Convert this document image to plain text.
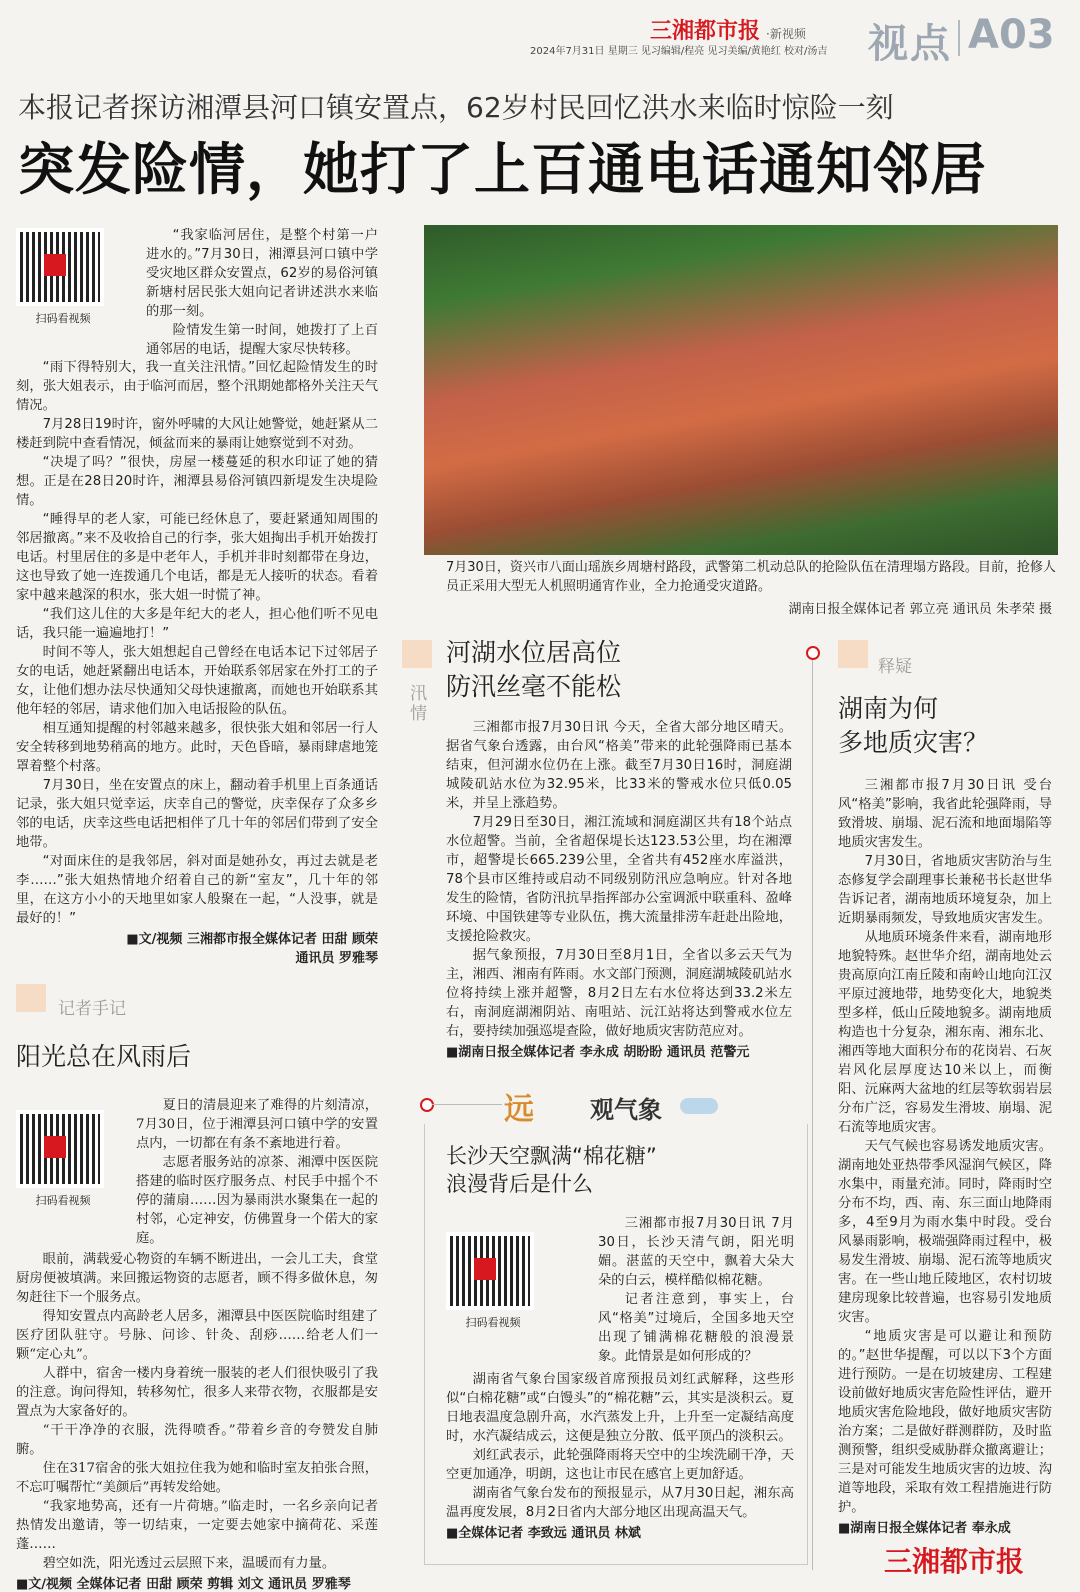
三湘都市报 ·新视频
2024年7月31日 星期三 见习编辑/程亮 见习美编/黄艳红 校对/汤吉 视点 A03
本报记者探访湘潭县河口镇安置点，62岁村民回忆洪水来临时惊险一刻
突发险情，她打了上百通电话通知邻居
扫码看视频

“我家临河居住，是整个村第一户进水的。”7月30日，湘潭县河口镇中学受灾地区群众安置点，62岁的易俗河镇新塘村居民张大姐向记者讲述洪水来临的那一刻。

险情发生第一时间，她拨打了上百通邻居的电话，提醒大家尽快转移。

“雨下得特别大，我一直关注汛情。”回忆起险情发生的时刻，张大姐表示，由于临河而居，整个汛期她都格外关注天气情况。

7月28日19时许，窗外呼啸的大风让她警觉，她赶紧从二楼赶到院中查看情况，倾盆而来的暴雨让她察觉到不对劲。

“决堤了吗？”很快，房屋一楼蔓延的积水印证了她的猜想。正是在28日20时许，湘潭县易俗河镇四新堤发生决堤险情。

“睡得早的老人家，可能已经休息了，要赶紧通知周围的邻居撤离。”来不及收拾自己的行李，张大姐掏出手机开始拨打电话。村里居住的多是中老年人，手机并非时刻都带在身边，这也导致了她一连拨通几个电话，都是无人接听的状态。看着家中越来越深的积水，张大姐一时慌了神。

“我们这儿住的大多是年纪大的老人，担心他们听不见电话，我只能一遍遍地打！”

时间不等人，张大姐想起自己曾经在电话本记下过邻居子女的电话，她赶紧翻出电话本，开始联系邻居家在外打工的子女，让他们想办法尽快通知父母快速撤离，而她也开始联系其他年轻的邻居，请求他们加入电话报险的队伍。

相互通知提醒的村邻越来越多，很快张大姐和邻居一行人安全转移到地势稍高的地方。此时，天色昏暗，暴雨肆虐地笼罩着整个村落。

7月30日，坐在安置点的床上，翻动着手机里上百条通话记录，张大姐只觉幸运，庆幸自己的警觉，庆幸保存了众多乡邻的电话，庆幸这些电话把相伴了几十年的邻居们带到了安全地带。

“对面床住的是我邻居，斜对面是她孙女，再过去就是老李……”张大姐热情地介绍着自己的新“室友”，几十年的邻里，在这方小小的天地里如家人般聚在一起，“人没事，就是最好的！”

■文/视频 三湘都市报全媒体记者 田甜 顾荣
通讯员 罗雅琴
记者手记
阳光总在风雨后
扫码看视频

夏日的清晨迎来了难得的片刻清凉，7月30日，位于湘潭县河口镇中学的安置点内，一切都在有条不紊地进行着。

志愿者服务站的凉茶、湘潭中医医院搭建的临时医疗服务点、村民手中摇个不停的蒲扇……因为暴雨洪水聚集在一起的村邻，心定神安，仿佛置身一个偌大的家庭。

眼前，满载爱心物资的车辆不断进出，一会儿工夫，食堂厨房便被填满。来回搬运物资的志愿者，顾不得多做休息，匆匆赶往下一个服务点。

得知安置点内高龄老人居多，湘潭县中医医院临时组建了医疗团队驻守。号脉、问诊、针灸、刮痧……给老人们一颗“定心丸”。

人群中，宿舍一楼内身着统一服装的老人们很快吸引了我的注意。询问得知，转移匆忙，很多人来带衣物，衣服都是安置点为大家备好的。

“干干净净的衣服，洗得喷香。”带着乡音的夸赞发自肺腑。

住在317宿舍的张大姐拉住我为她和临时室友拍张合照，不忘叮嘱帮忙“美颜后”再转发给她。

“我家地势高，还有一片荷塘。”临走时，一名乡亲向记者热情发出邀请，等一切结束，一定要去她家中摘荷花、采莲蓬……

碧空如洗，阳光透过云层照下来，温暖而有力量。

■文/视频 全媒体记者 田甜 顾荣 剪辑 刘文 通讯员 罗雅琴
7月30日，资兴市八面山瑶族乡周塘村路段，武警第二机动总队的抢险队伍在清理塌方路段。目前，抢修人员正采用大型无人机照明通宵作业，全力抢通受灾道路。
湖南日报全媒体记者 郭立亮 通讯员 朱孝荣 摄
汛情
河湖水位居高位
防汛丝毫不能松

三湘都市报7月30日讯 今天，全省大部分地区晴天。据省气象台透露，由台风“格美”带来的此轮强降雨已基本结束，但河湖水位仍在上涨。截至7月30日16时，洞庭湖城陵矶站水位为32.95米，比33米的警戒水位只低0.05米，并呈上涨趋势。

7月29日至30日，湘江流域和洞庭湖区共有18个站点水位超警。当前，全省超保堤长达123.53公里，均在湘潭市，超警堤长665.239公里，全省共有452座水库溢洪，78个县市区维持或启动不同级别防汛应急响应。针对各地发生的险情，省防汛抗旱指挥部办公室调派中联重科、盈峰环境、中国铁建等专业队伍，携大流量排涝车赶赴出险地，支援抢险救灾。

据气象预报，7月30日至8月1日，全省以多云天气为主，湘西、湘南有阵雨。水文部门预测，洞庭湖城陵矶站水位将持续上涨并超警，8月2日左右水位将达到33.2米左右，南洞庭湖湘阴站、南咀站、沅江站将达到警戒水位左右，要持续加强巡堤查险，做好地质灾害防范应对。

■湖南日报全媒体记者 李永成 胡盼盼 通讯员 范警元
远 观气象
长沙天空飘满“棉花糖”
浪漫背后是什么
扫码看视频

三湘都市报7月30日讯 7月30日，长沙天清气朗，阳光明媚。湛蓝的天空中，飘着大朵大朵的白云，模样酷似棉花糖。

记者注意到，事实上，台风“格美”过境后，全国多地天空出现了铺满棉花糖般的浪漫景象。此情景是如何形成的？

湖南省气象台国家级首席预报员刘红武解释，这些形似“白棉花糖”或“白馒头”的“棉花糖”云，其实是淡积云。夏日地表温度急剧升高，水汽蒸发上升，上升至一定凝结高度时，水汽凝结成云，这便是独立分散、低平顶凸的淡积云。

刘红武表示，此轮强降雨将天空中的尘埃洗刷干净，天空更加通净，明朗，这也让市民在感官上更加舒适。

湖南省气象台发布的预报显示，从7月30日起，湘东高温再度发展，8月2日省内大部分地区出现高温天气。

■全媒体记者 李致远 通讯员 林斌
释疑
湖南为何
多地质灾害？

三湘都市报7月30日讯 受台风“格美”影响，我省此轮强降雨，导致滑坡、崩塌、泥石流和地面塌陷等地质灾害发生。

7月30日，省地质灾害防治与生态修复学会副理事长兼秘书长赵世华告诉记者，湖南地质环境复杂，加上近期暴雨频发，导致地质灾害发生。

从地质环境条件来看，湖南地形地貌特殊。赵世华介绍，湖南地处云贵高原向江南丘陵和南岭山地向江汉平原过渡地带，地势变化大，地貌类型多样，低山丘陵地貌多。湖南地质构造也十分复杂，湘东南、湘东北、湘西等地大面积分布的花岗岩、石灰岩风化层厚度达10米以上，而衡阳、沅麻两大盆地的红层等软弱岩层分布广泛，容易发生滑坡、崩塌、泥石流等地质灾害。

天气气候也容易诱发地质灾害。湖南地处亚热带季风湿润气候区，降水集中，雨量充沛。同时，降雨时空分布不均，西、南、东三面山地降雨多，4至9月为雨水集中时段。受台风暴雨影响，极端强降雨过程中，极易发生滑坡、崩塌、泥石流等地质灾害。在一些山地丘陵地区，农村切坡建房现象比较普遍，也容易引发地质灾害。

“地质灾害是可以避让和预防的。”赵世华提醒，可以以下3个方面进行预防。一是在切坡建房、工程建设前做好地质灾害危险性评估，避开地质灾害危险地段，做好地质灾害防治方案；二是做好群测群防，及时监测预警，组织受威胁群众撤离避让；三是对可能发生地质灾害的边坡、沟道等地段，采取有效工程措施进行防护。

■湖南日报全媒体记者 奉永成
三湘都市报
